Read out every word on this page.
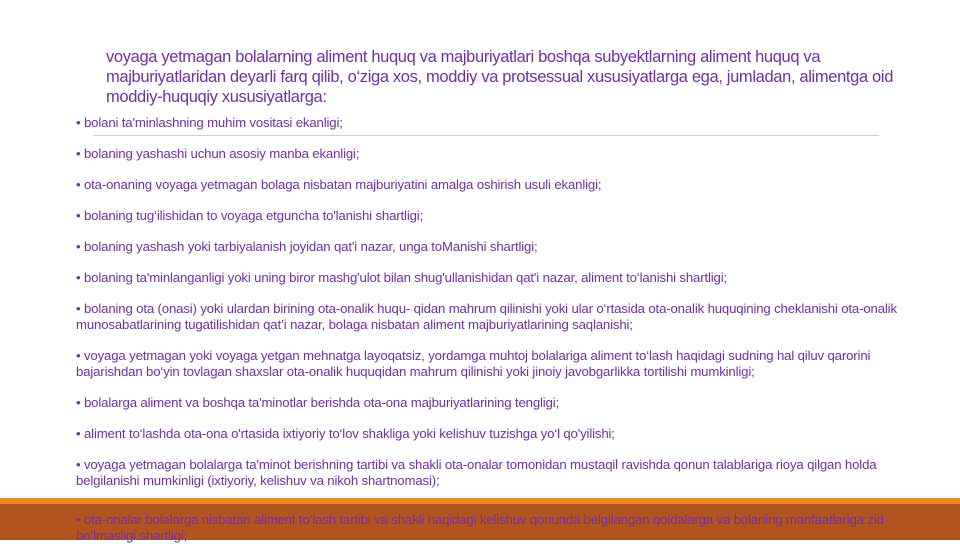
voyaga yetmagan bolalarning aliment huquq va majburiyatlari boshqa subyektlarning aliment huquq va majburiyatlaridan deyarli farq qilib, o‘ziga xos, moddiy va protsessual xususiyatlarga ega, jumladan, alimentga oid moddiy-huquqiy xususiyatlarga:
• bolani ta'minlashning muhim vositasi ekanligi;
• bolaning yashashi uchun asosiy manba ekanligi;
• ota-onaning voyaga yetmagan bolaga nisbatan majburiyatini amalga oshirish usuli ekanligi;
• bolaning tug‘ilishidan to voyaga etguncha to'lanishi shartligi;
• bolaning yashash yoki tarbiyalanish joyidan qat'i nazar, unga toManishi shartligi;
• bolaning ta'minlanganligi yoki uning biror mashg'ulot bilan shug'ullanishidan qat'i nazar, aliment to‘lanishi shartligi;
• bolaning ota (onasi) yoki ulardan birining ota-onalik huqu- qidan mahrum qilinishi yoki ular o‘rtasida ota-onalik huquqining cheklanishi ota-onalik munosabatlarining tugatilishidan qat’i nazar, bolaga nisbatan aliment majburiyatlarining saqlanishi;
• voyaga yetmagan yoki voyaga yetgan mehnatga layoqatsiz, yordamga muhtoj bolalariga aliment to‘lash haqidagi sudning hal qiluv qarorini bajarishdan bo‘yin tovlagan shaxslar ota-onalik huquqidan mahrum qilinishi yoki jinoiy javobgarlikka tortilishi mumkinligi;
• bolalarga aliment va boshqa ta'minotlar berishda ota-ona majburiyatlarining tengligi;
• aliment to‘lashda ota-ona o'rtasida ixtiyoriy to‘lov shakliga yoki kelishuv tuzishga yo‘l qo'yilishi;
• voyaga yetmagan bolalarga ta'minot berishning tartibi va shakli ota-onalar tomonidan mustaqil ravishda qonun talablariga rioya qilgan holda belgilanishi mumkinligi (ixtiyoriy, kelishuv va nikoh shartnomasi);

• ota-onalar bolalarga nisbatan aliment to‘lash tartibi va shakli haqidagi kelishuv qonunda belgilangan qoidalarga va bolaning manfaatlariga zid bo‘lmasligi shartligi;
